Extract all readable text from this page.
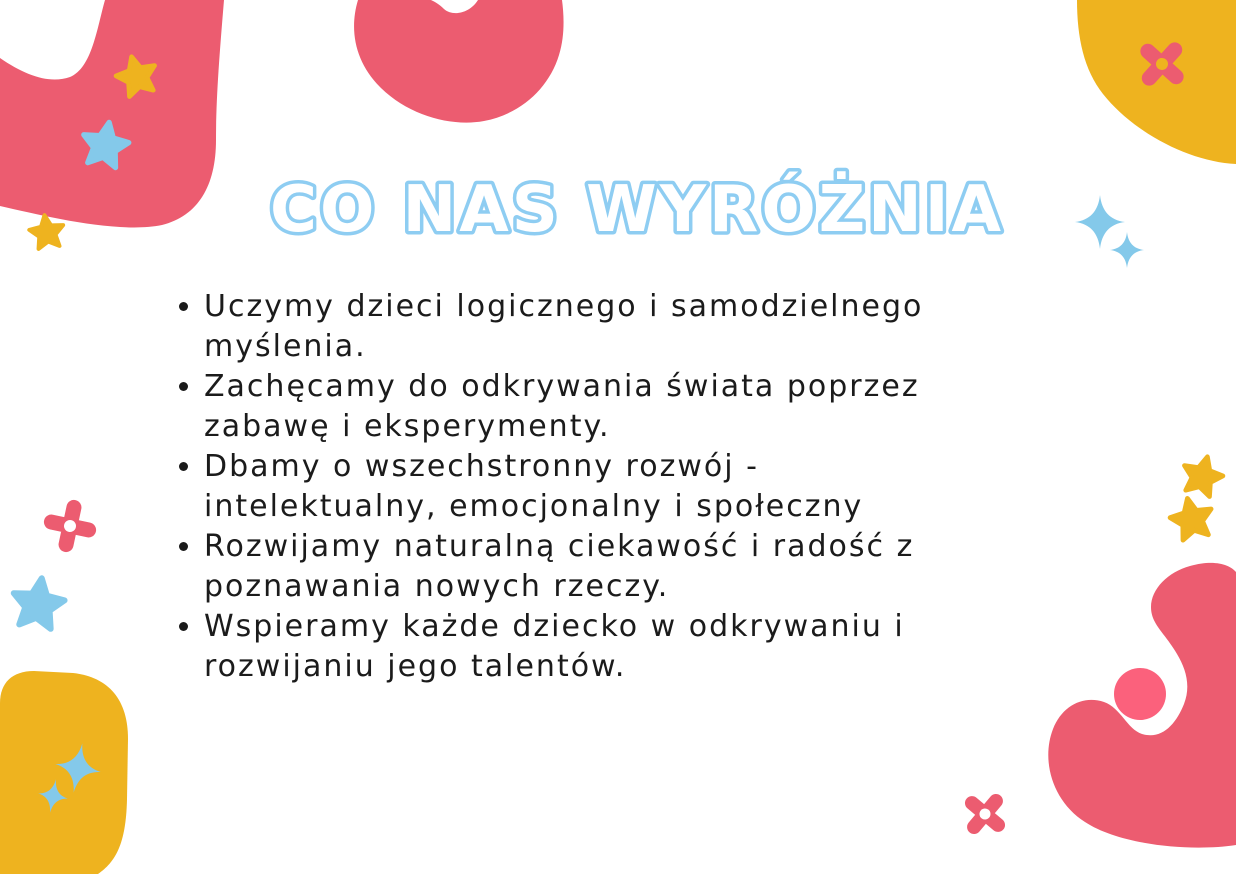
CO NAS WYRÓŻNIA
Uczymy dzieci logicznego i samodzielnego
myślenia.
Zachęcamy do odkrywania świata poprzez
zabawę i eksperymenty.
Dbamy o wszechstronny rozwój -
intelektualny, emocjonalny i społeczny
Rozwijamy naturalną ciekawość i radość z
poznawania nowych rzeczy.
Wspieramy każde dziecko w odkrywaniu i
rozwijaniu jego talentów.
